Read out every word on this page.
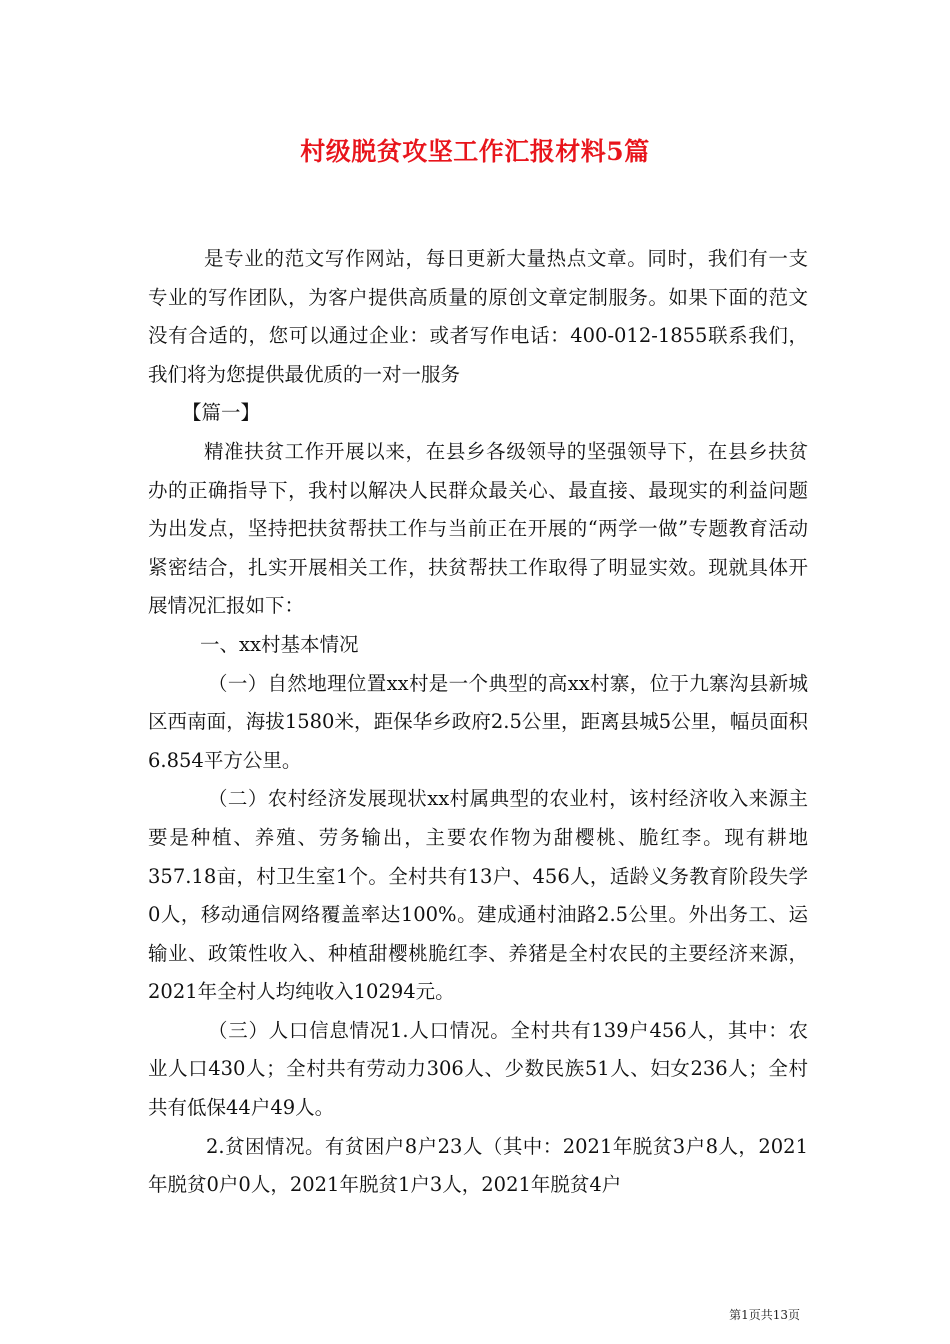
村级脱贫攻坚工作汇报材料5篇

是专业的范文写作网站，每日更新大量热点文章。同时，我们有一支专业的写作团队，为客户提供高质量的原创文章定制服务。如果下面的范文没有合适的，您可以通过企业：或者写作电话：400-012-1855联系我们，我们将为您提供最优质的一对一服务

【篇一】

精准扶贫工作开展以来，在县乡各级领导的坚强领导下，在县乡扶贫办的正确指导下，我村以解决人民群众最关心、最直接、最现实的利益问题为出发点，坚持把扶贫帮扶工作与当前正在开展的“两学一做”专题教育活动紧密结合，扎实开展相关工作，扶贫帮扶工作取得了明显实效。现就具体开展情况汇报如下：

一、xx村基本情况

（一）自然地理位置xx村是一个典型的高xx村寨，位于九寨沟县新城区西南面，海拔1580米，距保华乡政府2.5公里，距离县城5公里，幅员面积6.854平方公里。

（二）农村经济发展现状xx村属典型的农业村，该村经济收入来源主要是种植、养殖、劳务输出，主要农作物为甜樱桃、脆红李。现有耕地357.18亩，村卫生室1个。全村共有13户、456人，适龄义务教育阶段失学0人，移动通信网络覆盖率达100%。建成通村油路2.5公里。外出务工、运输业、政策性收入、种植甜樱桃脆红李、养猪是全村农民的主要经济来源，2021年全村人均纯收入10294元。

（三）人口信息情况1.人口情况。全村共有139户456人，其中：农业人口430人；全村共有劳动力306人、少数民族51人、妇女236人；全村共有低保44户49人。

2.贫困情况。有贫困户8户23人（其中：2021年脱贫3户8人，2021年脱贫0户0人，2021年脱贫1户3人，2021年脱贫4户

第1页共13页
